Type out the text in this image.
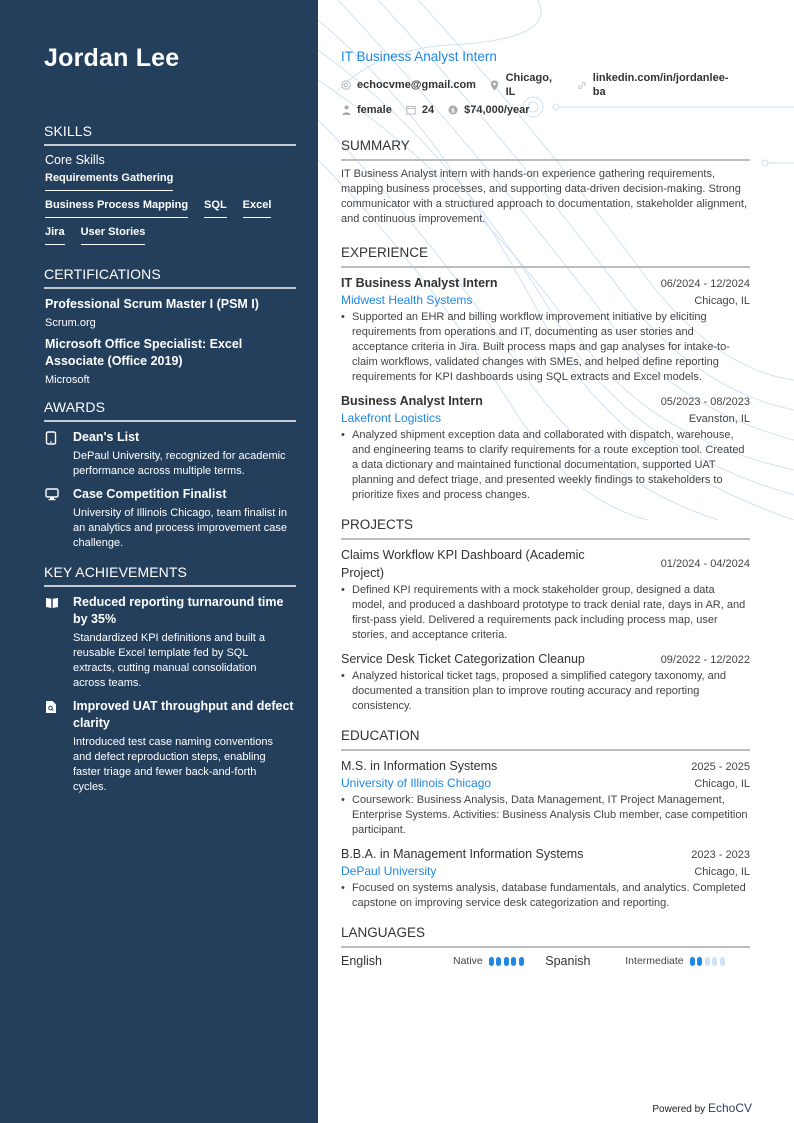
Jordan Lee
SKILLS
Core Skills
Requirements Gathering
Business Process Mapping SQL Excel
Jira User Stories
CERTIFICATIONS
Professional Scrum Master I (PSM I)
Scrum.org
Microsoft Office Specialist: Excel Associate (Office 2019)
Microsoft
AWARDS
Dean's List
DePaul University, recognized for academic performance across multiple terms.
Case Competition Finalist
University of Illinois Chicago, team finalist in an analytics and process improvement case challenge.
KEY ACHIEVEMENTS
Reduced reporting turnaround time by 35%
Standardized KPI definitions and built a reusable Excel template fed by SQL extracts, cutting manual consolidation across teams.
Improved UAT throughput and defect clarity
Introduced test case naming conventions and defect reproduction steps, enabling faster triage and fewer back-and-forth cycles.
IT Business Analyst Intern
echocvme@gmail.com
Chicago, IL
linkedin.com/in/jordanlee-ba
female	24	$ $74,000/year
SUMMARY
IT Business Analyst intern with hands-on experience gathering requirements, mapping business processes, and supporting data-driven decision-making. Strong communicator with a structured approach to documentation, stakeholder alignment, and continuous improvement.
EXPERIENCE
IT Business Analyst Intern	06/2024 - 12/2024
Midwest Health Systems	Chicago, IL
• Supported an EHR and billing workflow improvement initiative by eliciting requirements from operations and IT, documenting as user stories and acceptance criteria in Jira. Built process maps and gap analyses for intake-to-claim workflows, validated changes with SMEs, and helped define reporting requirements for KPI dashboards using SQL extracts and Excel models.
Business Analyst Intern	05/2023 - 08/2023
Lakefront Logistics	Evanston, IL
• Analyzed shipment exception data and collaborated with dispatch, warehouse, and engineering teams to clarify requirements for a route exception tool. Created a data dictionary and maintained functional documentation, supported UAT planning and defect triage, and presented weekly findings to stakeholders to prioritize fixes and process changes.
PROJECTS
Claims Workflow KPI Dashboard (Academic Project)
01/2024 - 04/2024
• Defined KPI requirements with a mock stakeholder group, designed a data model, and produced a dashboard prototype to track denial rate, days in AR, and first-pass yield. Delivered a requirements pack including process map, user stories, and acceptance criteria.
Service Desk Ticket Categorization Cleanup	09/2022 - 12/2022
• Analyzed historical ticket tags, proposed a simplified category taxonomy, and documented a transition plan to improve routing accuracy and reporting consistency.
EDUCATION
M.S. in Information Systems	2025 - 2025
University of Illinois Chicago	Chicago, IL
• Coursework: Business Analysis, Data Management, IT Project Management, Enterprise Systems. Activities: Business Analysis Club member, case competition participant.
B.B.A. in Management Information Systems	2023 - 2023
DePaul University	Chicago, IL
• Focused on systems analysis, database fundamentals, and analytics. Completed capstone on improving service desk categorization and reporting.
LANGUAGES
English	Native	Spanish	Intermediate
Powered by EchoCV
